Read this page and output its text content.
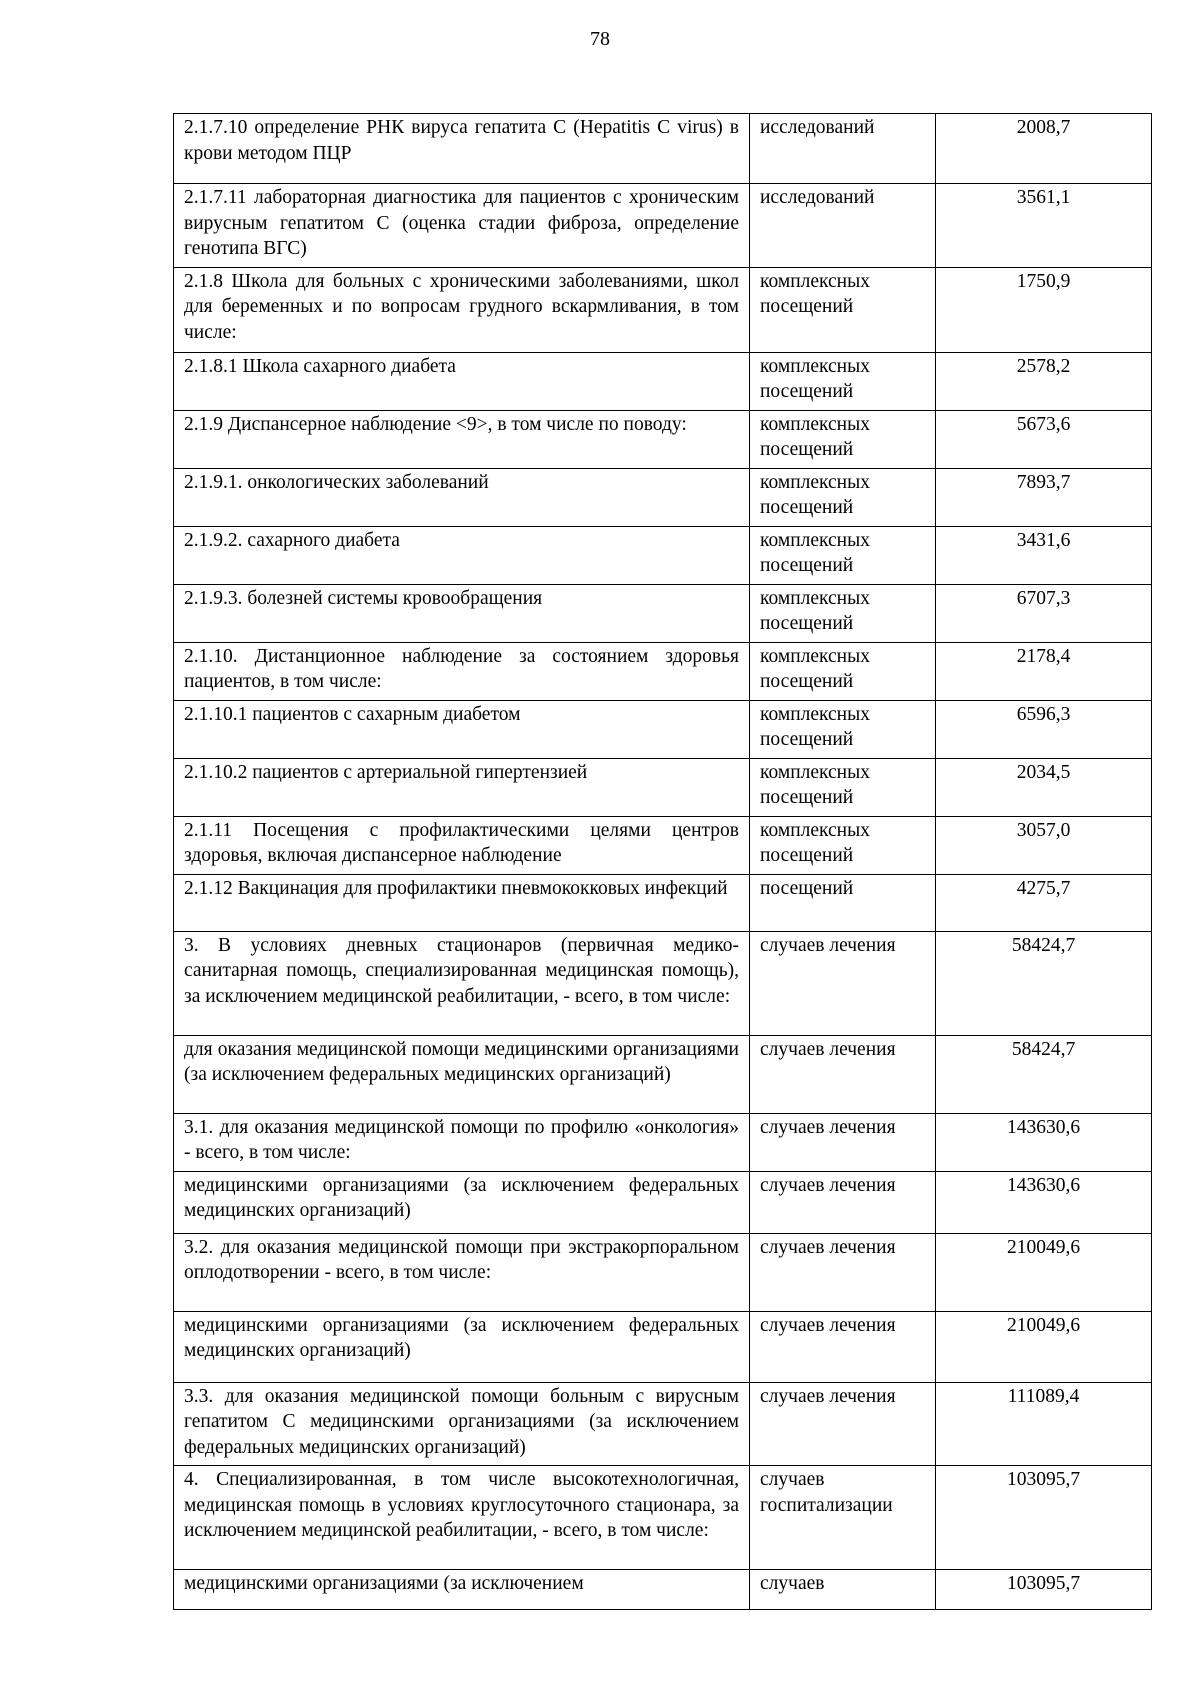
78
2.1.7.10 определение РНК вируса гепатита С (Hepatitis C virus) в крови методом ПЦР	исследований	2008,7
2.1.7.11 лабораторная диагностика для пациентов с хроническим вирусным гепатитом С (оценка стадии фиброза, определение генотипа ВГС)	исследований	3561,1
2.1.8 Школа для больных с хроническими заболеваниями, школ для беременных и по вопросам грудного вскармливания, в том числе:	комплексных посещений	1750,9
2.1.8.1 Школа сахарного диабета	комплексных посещений	2578,2
2.1.9 Диспансерное наблюдение <9>, в том числе по поводу:	комплексных посещений	5673,6
2.1.9.1. онкологических заболеваний	комплексных посещений	7893,7
2.1.9.2. сахарного диабета	комплексных посещений	3431,6
2.1.9.3. болезней системы кровообращения	комплексных посещений	6707,3
2.1.10. Дистанционное наблюдение за состоянием здоровья пациентов, в том числе:	комплексных посещений	2178,4
2.1.10.1 пациентов с сахарным диабетом	комплексных посещений	6596,3
2.1.10.2 пациентов с артериальной гипертензией	комплексных посещений	2034,5
2.1.11 Посещения с профилактическими целями центров здоровья, включая диспансерное наблюдение	комплексных посещений	3057,0
2.1.12 Вакцинация для профилактики пневмококковых инфекций	посещений	4275,7
3. В условиях дневных стационаров (первичная медико-санитарная помощь, специализированная медицинская помощь), за исключением медицинской реабилитации, - всего, в том числе:	случаев лечения	58424,7
для оказания медицинской помощи медицинскими организациями (за исключением федеральных медицинских организаций)	случаев лечения	58424,7
3.1. для оказания медицинской помощи по профилю «онкология» - всего, в том числе:	случаев лечения	143630,6
медицинскими организациями (за исключением федеральных медицинских организаций)	случаев лечения	143630,6
3.2. для оказания медицинской помощи при экстракорпоральном оплодотворении - всего, в том числе:	случаев лечения	210049,6
медицинскими организациями (за исключением федеральных медицинских организаций)	случаев лечения	210049,6
3.3. для оказания медицинской помощи больным с вирусным гепатитом С медицинскими организациями (за исключением федеральных медицинских организаций)	случаев лечения	111089,4
4. Специализированная, в том числе высокотехнологичная, медицинская помощь в условиях круглосуточного стационара, за исключением медицинской реабилитации, - всего, в том числе:	случаев госпитализации	103095,7
медицинскими организациями (за исключением	случаев	103095,7
